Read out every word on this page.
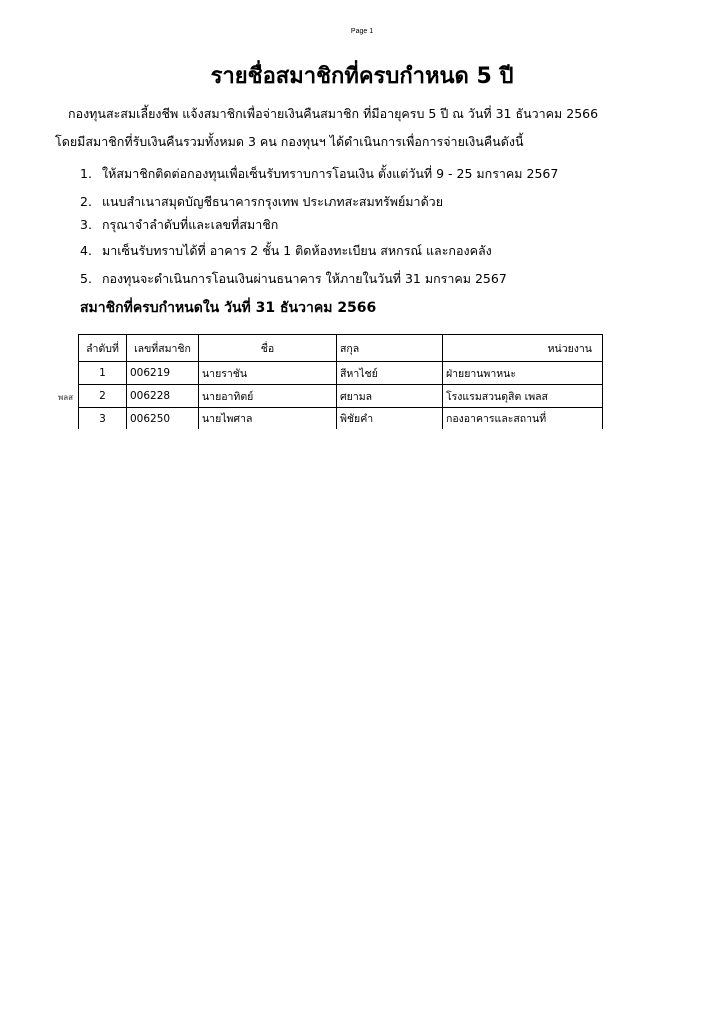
Page 1
รายชื่อสมาชิกที่ครบกำหนด 5 ปี
กองทุนสะสมเลี้ยงชีพ แจ้งสมาชิกเพื่อจ่ายเงินคืนสมาชิก ที่มีอายุครบ 5 ปี ณ วันที่ 31 ธันวาคม 2566
โดยมีสมาชิกที่รับเงินคืนรวมทั้งหมด 3 คน กองทุนฯ ได้ดำเนินการเพื่อการจ่ายเงินคืนดังนี้
1. ให้สมาชิกติดต่อกองทุนเพื่อเซ็นรับทราบการโอนเงิน ตั้งแต่วันที่ 9 - 25 มกราคม 2567
2. แนบสำเนาสมุดบัญชีธนาคารกรุงเทพ ประเภทสะสมทรัพย์มาด้วย
3. กรุณาจำลำดับที่และเลขที่สมาชิก
4. มาเซ็นรับทราบได้ที่ อาคาร 2 ชั้น 1 ติดห้องทะเบียน สหกรณ์ และกองคลัง
5. กองทุนจะดำเนินการโอนเงินผ่านธนาคาร ให้ภายในวันที่ 31 มกราคม 2567
สมาชิกที่ครบกำหนดใน วันที่ 31 ธันวาคม 2566
พลส
ลำดับที่	เลขที่สมาชิก	ชื่อ	สกุล	หน่วยงาน
1	006219	นายราชัน	สีหาไชย์	ฝ่ายยานพาหนะ
2	006228	นายอาทิตย์	ศยามล	โรงแรมสวนดุสิต เพลส
3	006250	นายไพศาล	พิชัยคำ	กองอาคารและสถานที่
